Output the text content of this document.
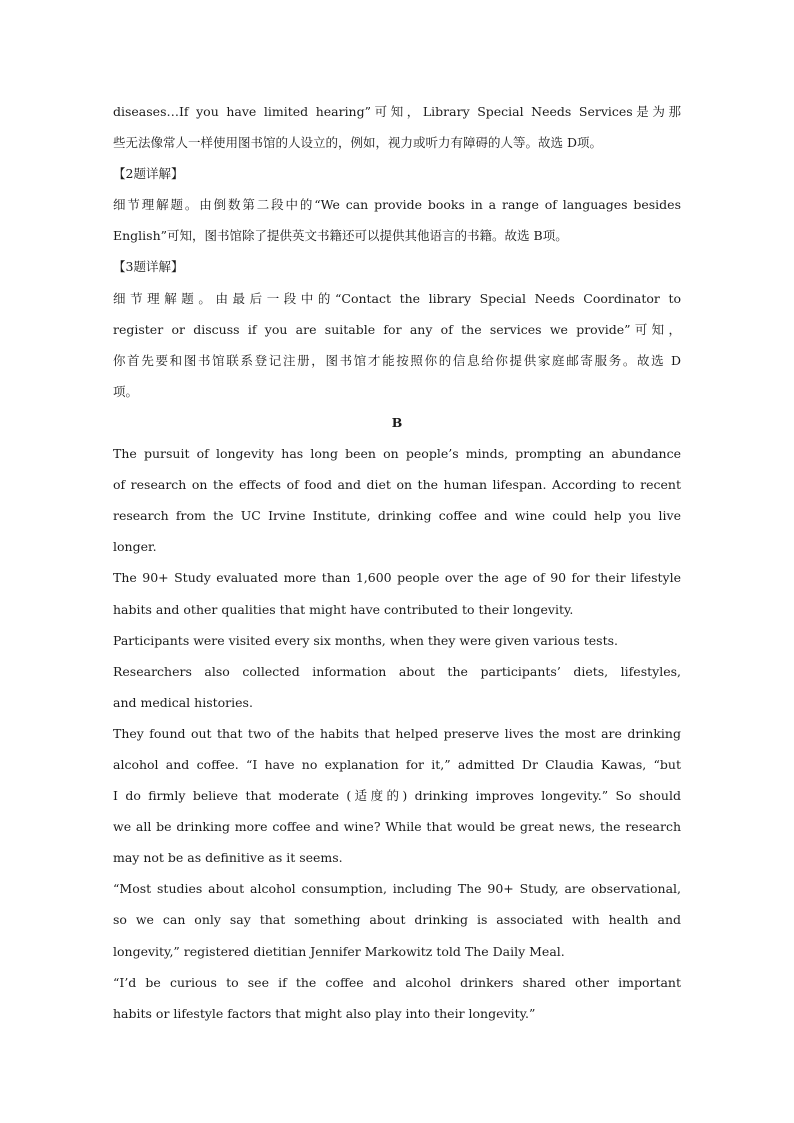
diseases…If you have limited hearing”可知，Library Special Needs Services是为那
些无法像常人一样使用图书馆的人设立的，例如，视力或听力有障碍的人等。故选 D项。
【2题详解】
细节理解题。由倒数第二段中的“We can provide books in a range of languages besides
English”可知，图书馆除了提供英文书籍还可以提供其他语言的书籍。故选 B项。
【3题详解】
细节理解题。由最后一段中的“Contact the library Special Needs Coordinator to
register or discuss if you are suitable for any of the services we provide”可知，
你首先要和图书馆联系登记注册，图书馆才能按照你的信息给你提供家庭邮寄服务。故选 D
项。
B
The pursuit of longevity has long been on people’s minds, prompting an abundance
of research on the effects of food and diet on the human lifespan. According to recent
research from the UC Irvine Institute, drinking coffee and wine could help you live
longer.
The 90+ Study evaluated more than 1,600 people over the age of 90 for their lifestyle
habits and other qualities that might have contributed to their longevity.
Participants were visited every six months, when they were given various tests.
Researchers also collected information about the participants’ diets, lifestyles,
and medical histories.
They found out that two of the habits that helped preserve lives the most are drinking
alcohol and coffee. “I have no explanation for it,” admitted Dr Claudia Kawas, “but
I do firmly believe that moderate (适度的) drinking improves longevity.” So should
we all be drinking more coffee and wine? While that would be great news, the research
may not be as definitive as it seems.
“Most studies about alcohol consumption, including The 90+ Study, are observational,
so we can only say that something about drinking is associated with health and
longevity,” registered dietitian Jennifer Markowitz told The Daily Meal.
“I’d be curious to see if the coffee and alcohol drinkers shared other important
habits or lifestyle factors that might also play into their longevity.”
